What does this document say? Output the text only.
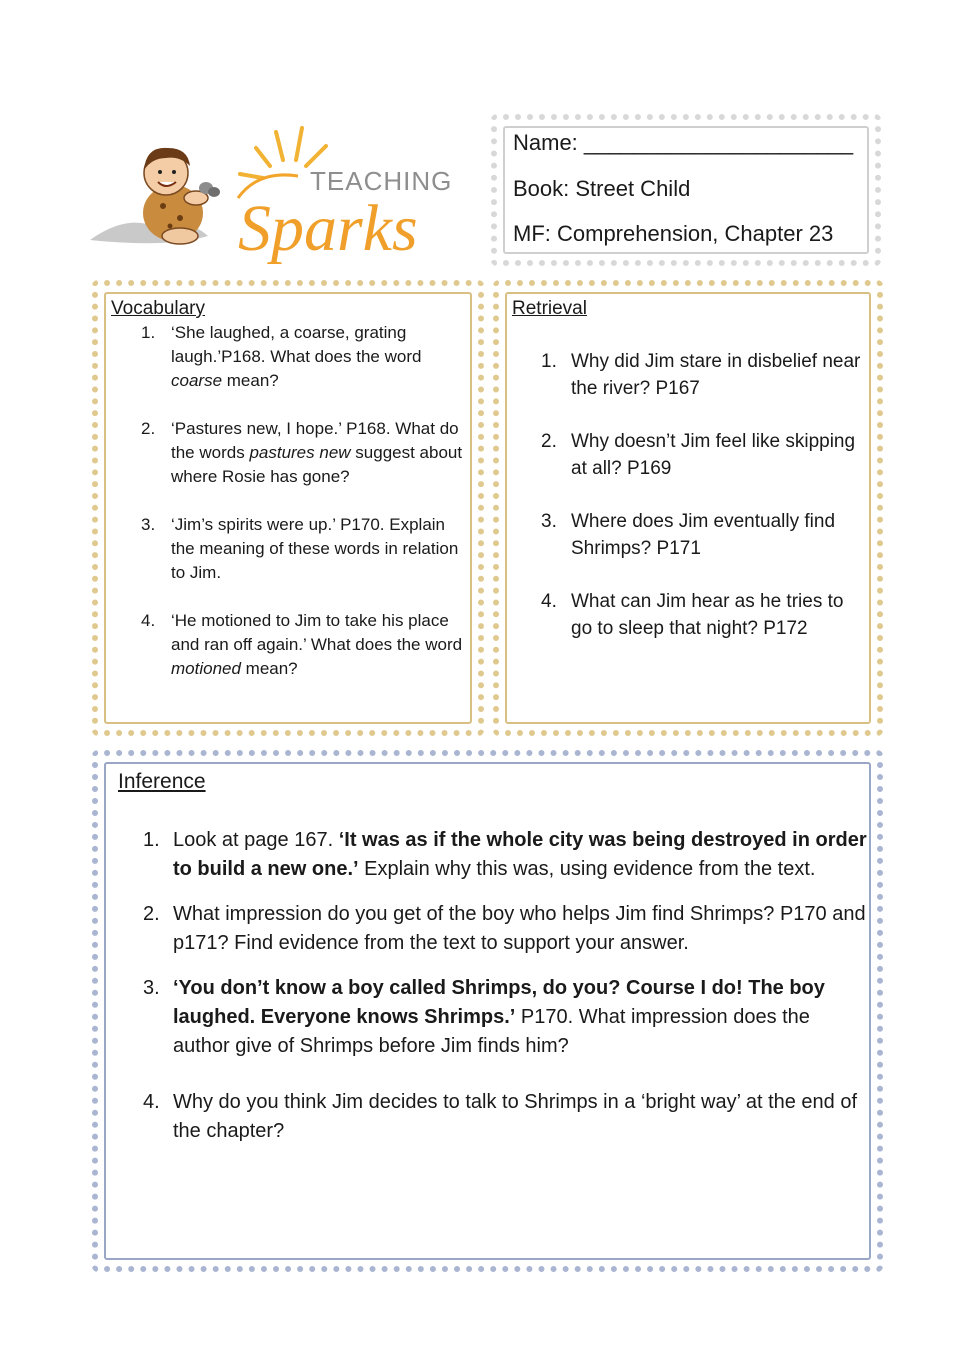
TEACHING
Sparks
Name: ______________________
Book: Street Child
MF: Comprehension, Chapter 23
Vocabulary
1. ‘She laughed, a coarse, grating laugh.’P168. What does the word coarse mean?
2. ‘Pastures new, I hope.’ P168. What do the words pastures new suggest about where Rosie has gone?
3. ‘Jim’s spirits were up.’ P170. Explain the meaning of these words in relation to Jim.
4. ‘He motioned to Jim to take his place and ran off again.’ What does the word motioned mean?
Retrieval
1. Why did Jim stare in disbelief near the river? P167
2. Why doesn’t Jim feel like skipping at all? P169
3. Where does Jim eventually find Shrimps? P171
4. What can Jim hear as he tries to go to sleep that night? P172
Inference
1. Look at page 167. ‘It was as if the whole city was being destroyed in order to build a new one.’ Explain why this was, using evidence from the text.
2. What impression do you get of the boy who helps Jim find Shrimps? P170 and p171? Find evidence from the text to support your answer.
3. ‘You don’t know a boy called Shrimps, do you? Course I do! The boy laughed. Everyone knows Shrimps.’ P170. What impression does the author give of Shrimps before Jim finds him?
4. Why do you think Jim decides to talk to Shrimps in a ‘bright way’ at the end of the chapter?
